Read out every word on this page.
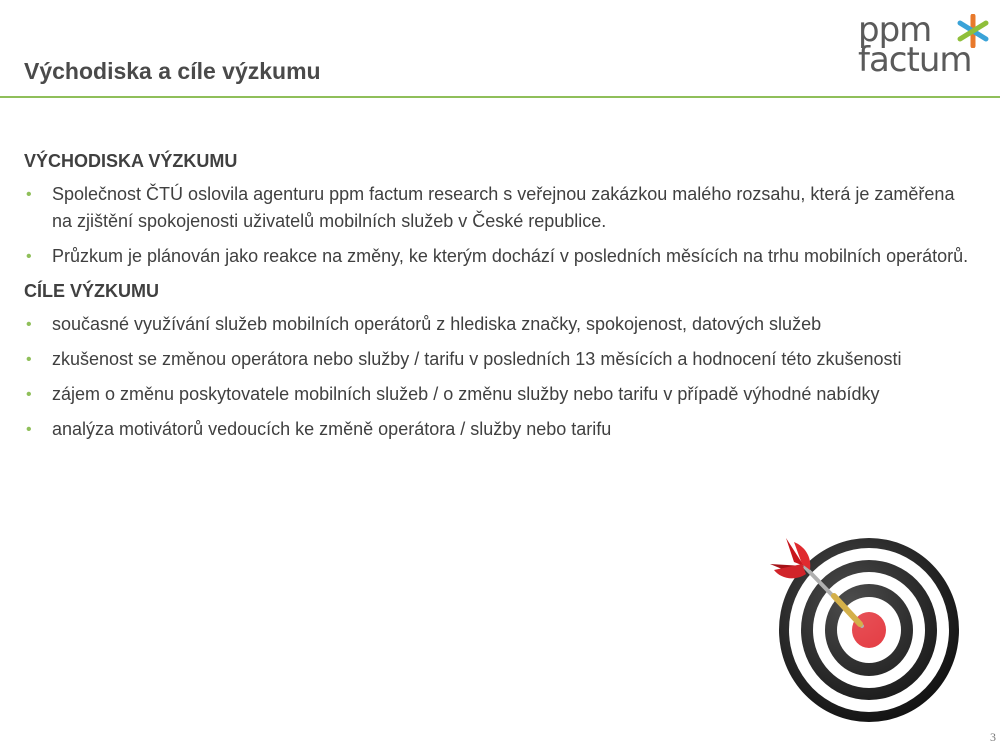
Východiska a cíle výzkumu
ppm
factum

VÝCHODISKA VÝZKUMU

• Společnost ČTÚ oslovila agenturu ppm factum research s veřejnou zakázkou malého rozsahu, která je zaměřena na zjištění spokojenosti uživatelů mobilních služeb v České republice.
• Průzkum je plánován jako reakce na změny, ke kterým dochází v posledních měsících na trhu mobilních operátorů.

CÍLE VÝZKUMU

• současné využívání služeb mobilních operátorů z hlediska značky, spokojenost, datových služeb
• zkušenost se změnou operátora nebo služby / tarifu v posledních 13 měsících a hodnocení této zkušenosti
• zájem o změnu poskytovatele mobilních služeb / o změnu služby nebo tarifu v případě výhodné nabídky
• analýza motivátorů vedoucích ke změně operátora / služby nebo tarifu
3
